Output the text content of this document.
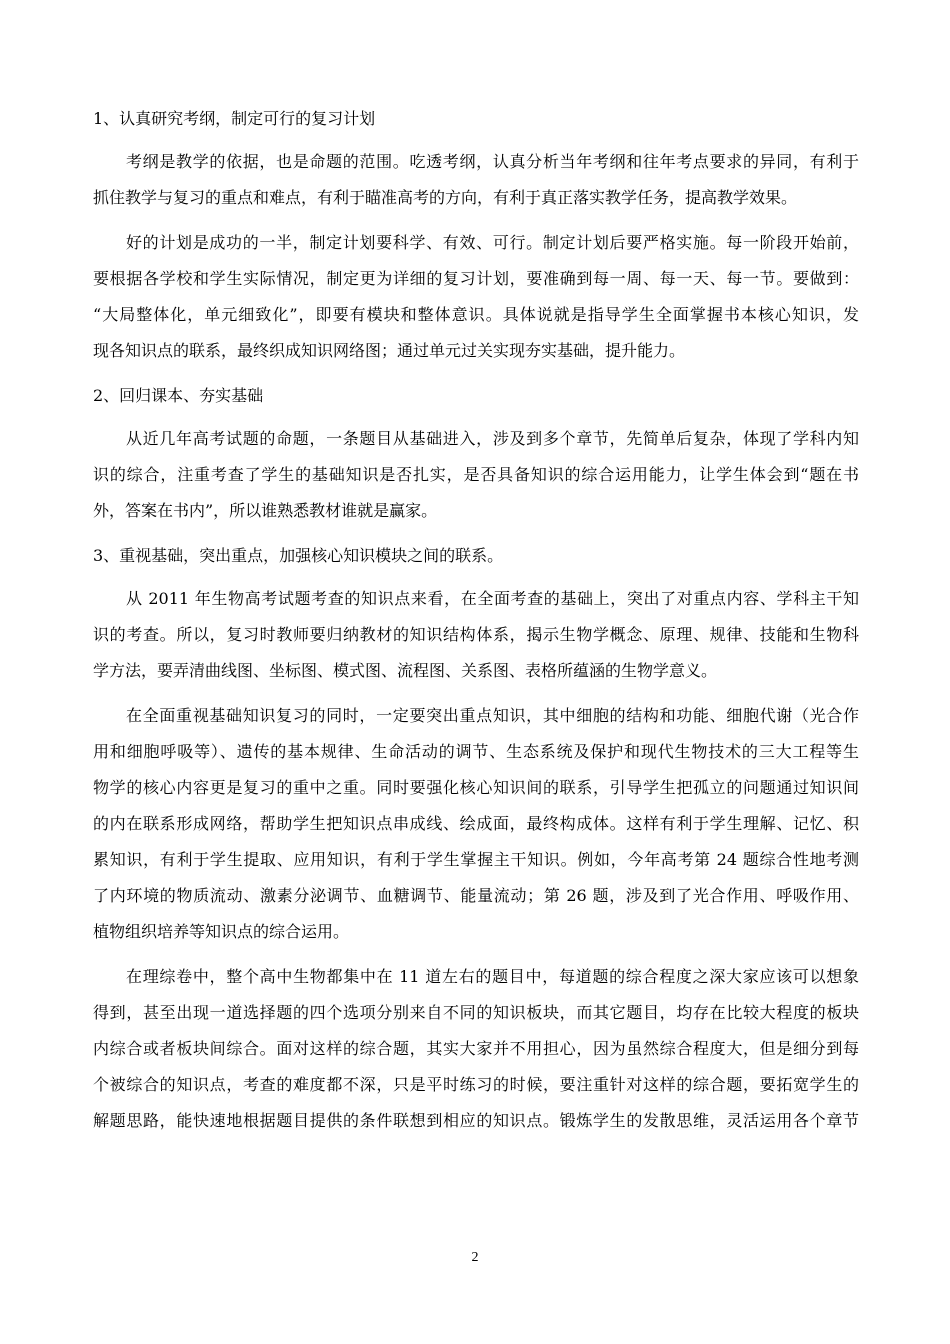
1、认真研究考纲，制定可行的复习计划
考纲是教学的依据，也是命题的范围。吃透考纲，认真分析当年考纲和往年考点要求的异同，有利于
抓住教学与复习的重点和难点，有利于瞄准高考的方向，有利于真正落实教学任务，提高教学效果。
好的计划是成功的一半，制定计划要科学、有效、可行。制定计划后要严格实施。每一阶段开始前，
要根据各学校和学生实际情况，制定更为详细的复习计划，要准确到每一周、每一天、每一节。要做到：
“大局整体化，单元细致化”，即要有模块和整体意识。具体说就是指导学生全面掌握书本核心知识，发
现各知识点的联系，最终织成知识网络图；通过单元过关实现夯实基础，提升能力。
2、回归课本、夯实基础
从近几年高考试题的命题，一条题目从基础进入，涉及到多个章节，先简单后复杂，体现了学科内知
识的综合，注重考查了学生的基础知识是否扎实，是否具备知识的综合运用能力，让学生体会到“题在书
外，答案在书内”，所以谁熟悉教材谁就是赢家。
3、重视基础，突出重点，加强核心知识模块之间的联系。
从 2011 年生物高考试题考查的知识点来看，在全面考查的基础上，突出了对重点内容、学科主干知
识的考查。所以，复习时教师要归纳教材的知识结构体系，揭示生物学概念、原理、规律、技能和生物科
学方法，要弄清曲线图、坐标图、模式图、流程图、关系图、表格所蕴涵的生物学意义。
在全面重视基础知识复习的同时，一定要突出重点知识，其中细胞的结构和功能、细胞代谢（光合作
用和细胞呼吸等）、遗传的基本规律、生命活动的调节、生态系统及保护和现代生物技术的三大工程等生
物学的核心内容更是复习的重中之重。同时要强化核心知识间的联系，引导学生把孤立的问题通过知识间
的内在联系形成网络，帮助学生把知识点串成线、绘成面，最终构成体。这样有利于学生理解、记忆、积
累知识，有利于学生提取、应用知识，有利于学生掌握主干知识。例如，今年高考第 24 题综合性地考测
了内环境的物质流动、激素分泌调节、血糖调节、能量流动；第 26 题，涉及到了光合作用、呼吸作用、
植物组织培养等知识点的综合运用。
在理综卷中，整个高中生物都集中在 11 道左右的题目中，每道题的综合程度之深大家应该可以想象
得到，甚至出现一道选择题的四个选项分别来自不同的知识板块，而其它题目，均存在比较大程度的板块
内综合或者板块间综合。面对这样的综合题，其实大家并不用担心，因为虽然综合程度大，但是细分到每
个被综合的知识点，考查的难度都不深，只是平时练习的时候，要注重针对这样的综合题，要拓宽学生的
解题思路，能快速地根据题目提供的条件联想到相应的知识点。锻炼学生的发散思维，灵活运用各个章节
2
